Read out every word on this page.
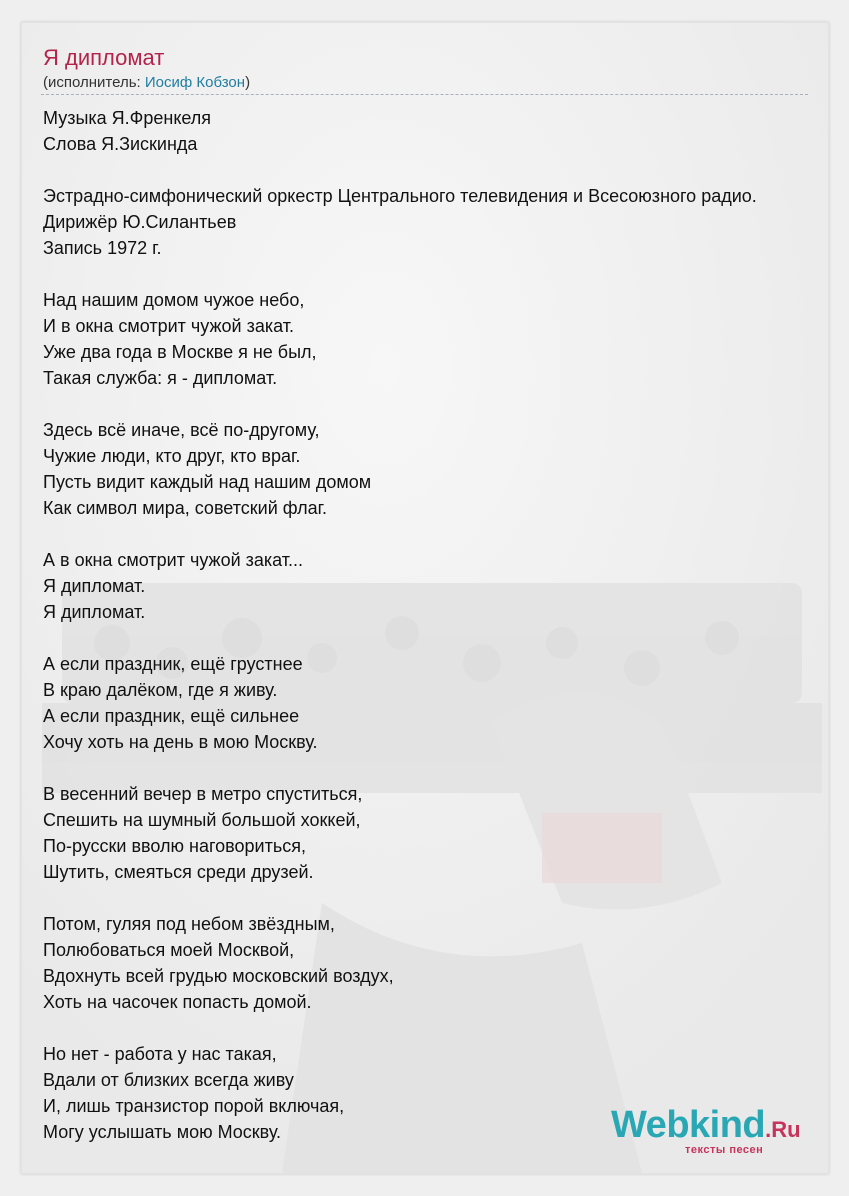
Я дипломат
(исполнитель: Иосиф Кобзон)
Музыка Я.Френкеля
Слова Я.Зискинда
Эстрадно-симфонический оркестр Центрального телевидения и Всесоюзного радио.
Дирижёр Ю.Силантьев
Запись 1972 г.
Над нашим домом чужое небо,
И в окна смотрит чужой закат.
Уже два года в Москве я не был,
Такая служба: я - дипломат.
Здесь всё иначе, всё по-другому,
Чужие люди, кто друг, кто враг.
Пусть видит каждый над нашим домом
Как символ мира, советский флаг.
А в окна смотрит чужой закат...
Я дипломат.
Я дипломат.
А если праздник, ещё грустнее
В краю далёком, где я живу.
А если праздник, ещё сильнее
Хочу хоть на день в мою Москву.
В весенний вечер в метро спуститься,
Спешить на шумный большой хоккей,
По-русски вволю наговориться,
Шутить, смеяться среди друзей.
Потом, гуляя под небом звёздным,
Полюбоваться моей Москвой,
Вдохнуть всей грудью московский воздух,
Хоть на часочек попасть домой.
Но нет - работа у нас такая,
Вдали от близких всегда живу
И, лишь транзистор порой включая,
Могу услышать мою Москву.	Webkind.Ru
тексты песен
